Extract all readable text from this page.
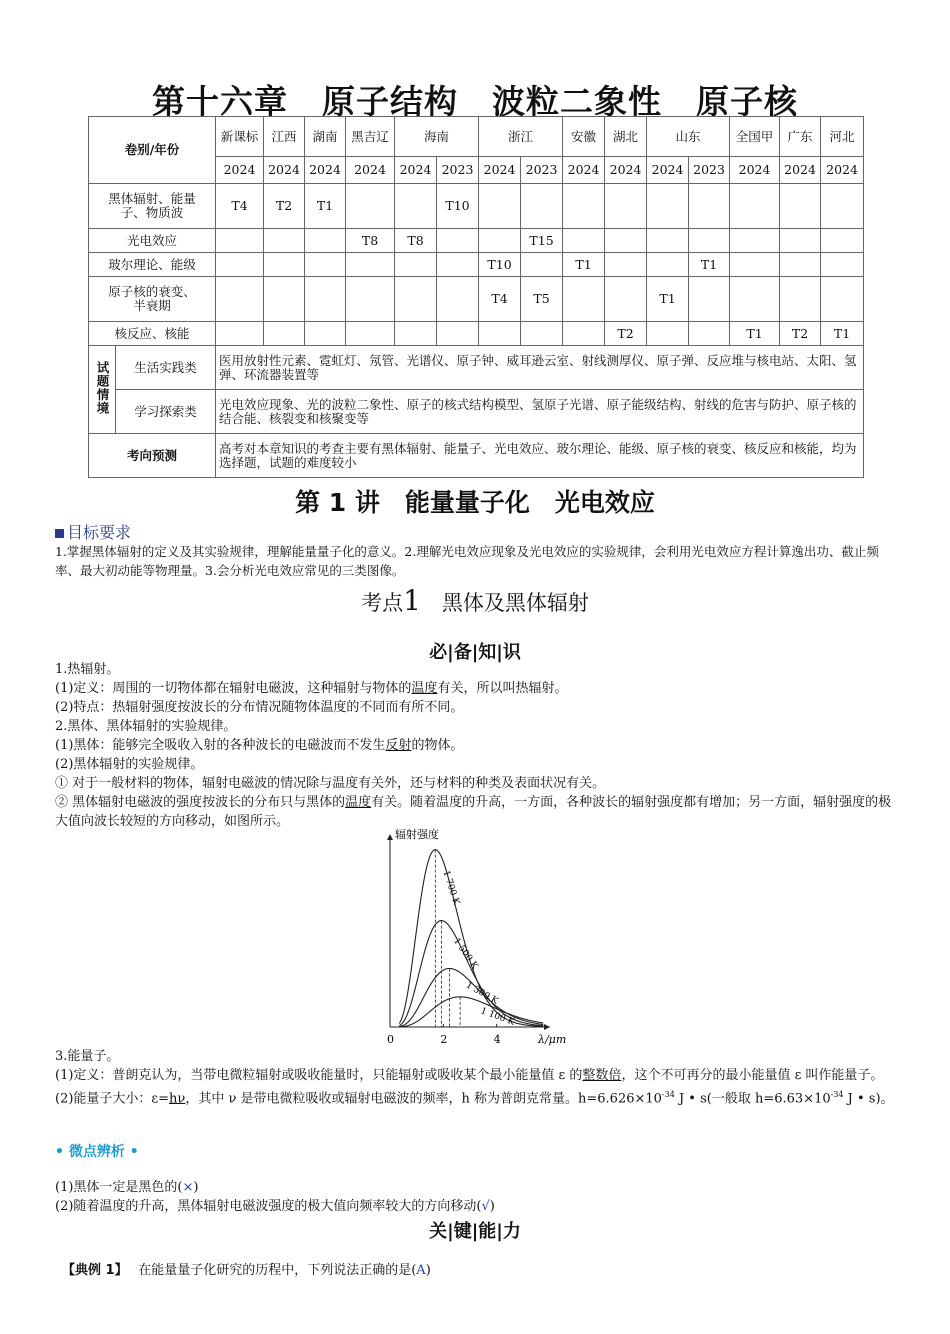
第十六章　原子结构　波粒二象性　原子核
卷别/年份		新课标	江西	湖南	黑吉辽	海南		浙江		安徽	湖北	山东		全国甲	广东	河北
		2024	2024	2024	2024	2024	2023	2024	2023	2024	2024	2024	2023	2024	2024	2024
黑体辐射、能量子、物质波		T4	T2	T1			T10									
光电效应					T8	T8			T15							
玻尔理论、能级								T10		T1			T1			
原子核的衰变、半衰期								T4	T5			T1				
核反应、核能											T2			T1	T2	T1
试题情境	生活实践类	医用放射性元素、霓虹灯、氖管、光谱仪、原子钟、威耳逊云室、射线测厚仪、原子弹、反应堆与核电站、太阳、氢弹、环流器装置等														
	学习探索类	光电效应现象、光的波粒二象性、原子的核式结构模型、氢原子光谱、原子能级结构、射线的危害与防护、原子核的结合能、核裂变和核聚变等														
考向预测		高考对本章知识的考查主要有黑体辐射、能量子、光电效应、玻尔理论、能级、原子核的衰变、核反应和核能，均为选择题，试题的难度较小														
第 1 讲　能量量子化　光电效应
目标要求
1.掌握黑体辐射的定义及其实验规律，理解能量量子化的意义。2.理解光电效应现象及光电效应的实验规律，会利用光电效应方程计算逸出功、截止频率、最大初动能等物理量。3.会分析光电效应常见的三类图像。
考点1　 黑体及黑体辐射
必|备|知|识

1.热辐射。

(1)定义：周围的一切物体都在辐射电磁波，这种辐射与物体的温度有关，所以叫热辐射。

(2)特点：热辐射强度按波长的分布情况随物体温度的不同而有所不同。

2.黑体、黑体辐射的实验规律。

(1)黑体：能够完全吸收入射的各种波长的电磁波而不发生反射的物体。

(2)黑体辐射的实验规律。

① 对于一般材料的物体，辐射电磁波的情况除与温度有关外，还与材料的种类及表面状况有关。

② 黑体辐射电磁波的强度按波长的分布只与黑体的温度有关。随着温度的升高，一方面，各种波长的辐射强度都有增加；另一方面，辐射强度的极大值向波长较短的方向移动，如图所示。

辐射强度
λ/μm
0	2	4
1 700 K
1 500 K
1 300 K
1 100 K

3.能量子。

(1)定义：普朗克认为，当带电微粒辐射或吸收能量时，只能辐射或吸收某个最小能量值 ε 的整数倍，这个不可再分的最小能量值 ε 叫作能量子。

(2)能量子大小：ε=hν，其中 ν 是带电微粒吸收或辐射电磁波的频率，h 称为普朗克常量。$h=6.626\times 10^{-34}$ J • s(一般取 $h=6.63\times 10^{-34}$ J • s)。

• 微点辨析 •

(1)黑体一定是黑色的(×)

(2)随着温度的升高，黑体辐射电磁波强度的极大值向频率较大的方向移动(√)

关|键|能|力
【典例 1】　 在能量量子化研究的历程中，下列说法正确的是(A)
